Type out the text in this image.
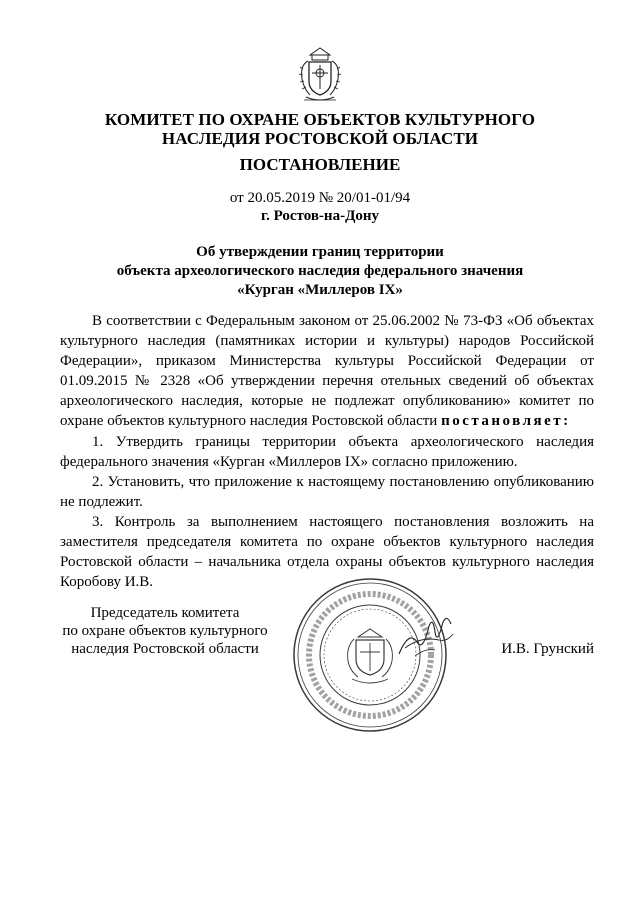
КОМИТЕТ ПО ОХРАНЕ ОБЪЕКТОВ КУЛЬТУРНОГО
НАСЛЕДИЯ РОСТОВСКОЙ ОБЛАСТИ
ПОСТАНОВЛЕНИЕ
от 20.05.2019 № 20/01-01/94
г. Ростов-на-Дону
Об утверждении границ территории
объекта археологического наследия федерального значения
«Курган «Миллеров IX»

В соответствии с Федеральным законом от 25.06.2002 № 73-ФЗ «Об объектах культурного наследия (памятниках истории и культуры) народов Российской Федерации», приказом Министерства культуры Российской Федерации от 01.09.2015 № 2328 «Об утверждении перечня отельных сведений об объектах археологического наследия, которые не подлежат опубликованию» комитет по охране объектов культурного наследия Ростовской области постановляет:

1. Утвердить границы территории объекта археологического наследия федерального значения «Курган «Миллеров IX» согласно приложению.

2. Установить, что приложение к настоящему постановлению опубликованию не подлежит.

3. Контроль за выполнением настоящего постановления возложить на заместителя председателя комитета по охране объектов культурного наследия Ростовской области – начальника отдела охраны объектов культурного наследия Коробову И.В.

Председатель комитета
по охране объектов культурного
наследия Ростовской области	И.В. Грунский
